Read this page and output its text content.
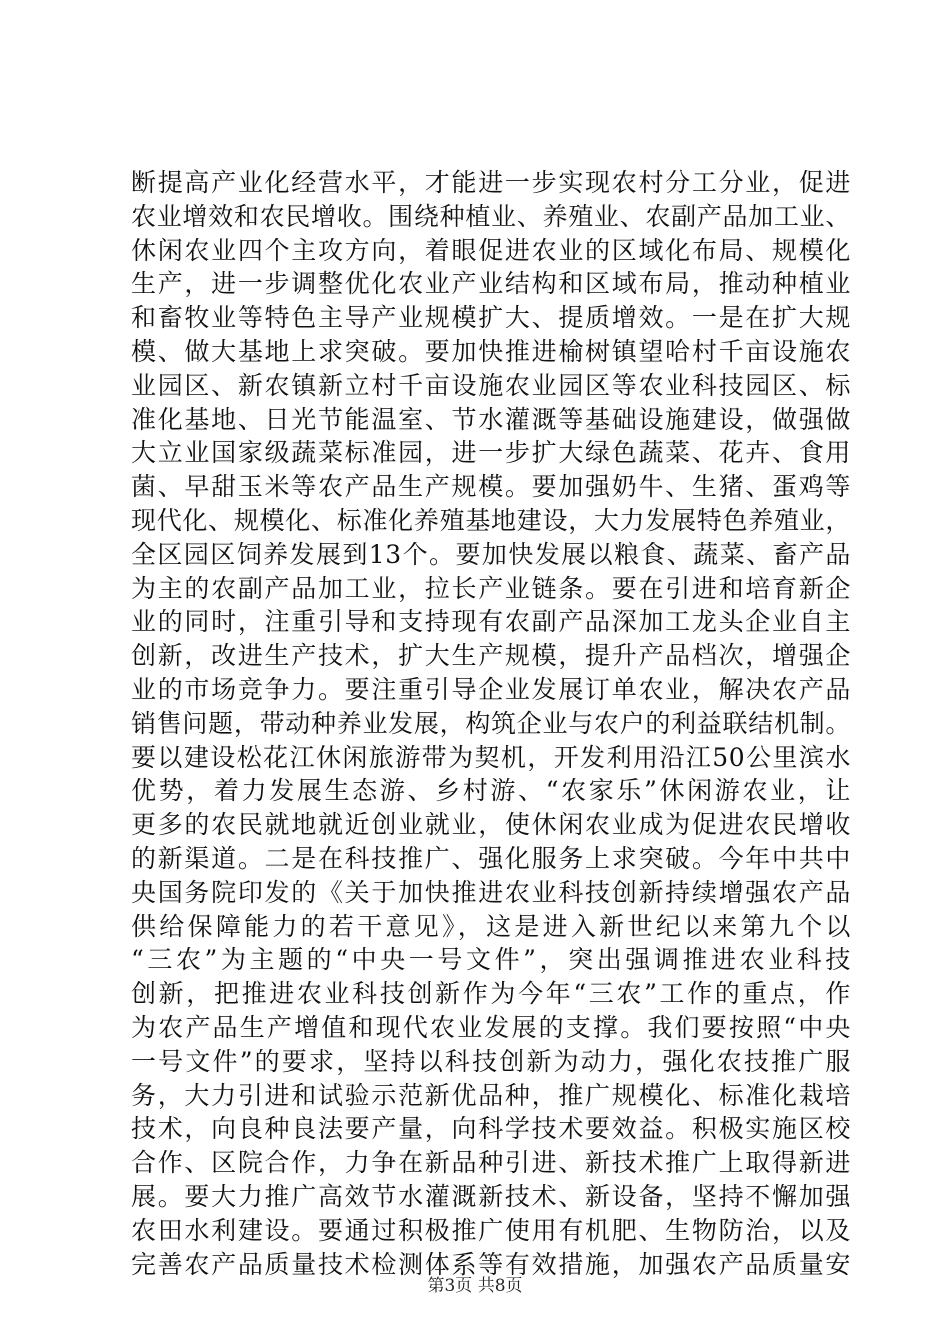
断提高产业化经营水平，才能进一步实现农村分工分业，促进
农业增效和农民增收。围绕种植业、养殖业、农副产品加工业、
休闲农业四个主攻方向，着眼促进农业的区域化布局、规模化
生产，进一步调整优化农业产业结构和区域布局，推动种植业
和畜牧业等特色主导产业规模扩大、提质增效。一是在扩大规
模、做大基地上求突破。要加快推进榆树镇望哈村千亩设施农
业园区、新农镇新立村千亩设施农业园区等农业科技园区、标
准化基地、日光节能温室、节水灌溉等基础设施建设，做强做
大立业国家级蔬菜标准园，进一步扩大绿色蔬菜、花卉、食用
菌、早甜玉米等农产品生产规模。要加强奶牛、生猪、蛋鸡等
现代化、规模化、标准化养殖基地建设，大力发展特色养殖业，
全区园区饲养发展到13个。要加快发展以粮食、蔬菜、畜产品
为主的农副产品加工业，拉长产业链条。要在引进和培育新企
业的同时，注重引导和支持现有农副产品深加工龙头企业自主
创新，改进生产技术，扩大生产规模，提升产品档次，增强企
业的市场竞争力。要注重引导企业发展订单农业，解决农产品
销售问题，带动种养业发展，构筑企业与农户的利益联结机制。
要以建设松花江休闲旅游带为契机，开发利用沿江50公里滨水
优势，着力发展生态游、乡村游、“农家乐”休闲游农业，让
更多的农民就地就近创业就业，使休闲农业成为促进农民增收
的新渠道。二是在科技推广、强化服务上求突破。今年中共中
央国务院印发的《关于加快推进农业科技创新持续增强农产品
供给保障能力的若干意见》，这是进入新世纪以来第九个以
“三农”为主题的“中央一号文件”，突出强调推进农业科技
创新，把推进农业科技创新作为今年“三农”工作的重点，作
为农产品生产增值和现代农业发展的支撑。我们要按照“中央
一号文件”的要求，坚持以科技创新为动力，强化农技推广服
务，大力引进和试验示范新优品种，推广规模化、标准化栽培
技术，向良种良法要产量，向科学技术要效益。积极实施区校
合作、区院合作，力争在新品种引进、新技术推广上取得新进
展。要大力推广高效节水灌溉新技术、新设备，坚持不懈加强
农田水利建设。要通过积极推广使用有机肥、生物防治，以及
完善农产品质量技术检测体系等有效措施，加强农产品质量安
第3页 共8页
